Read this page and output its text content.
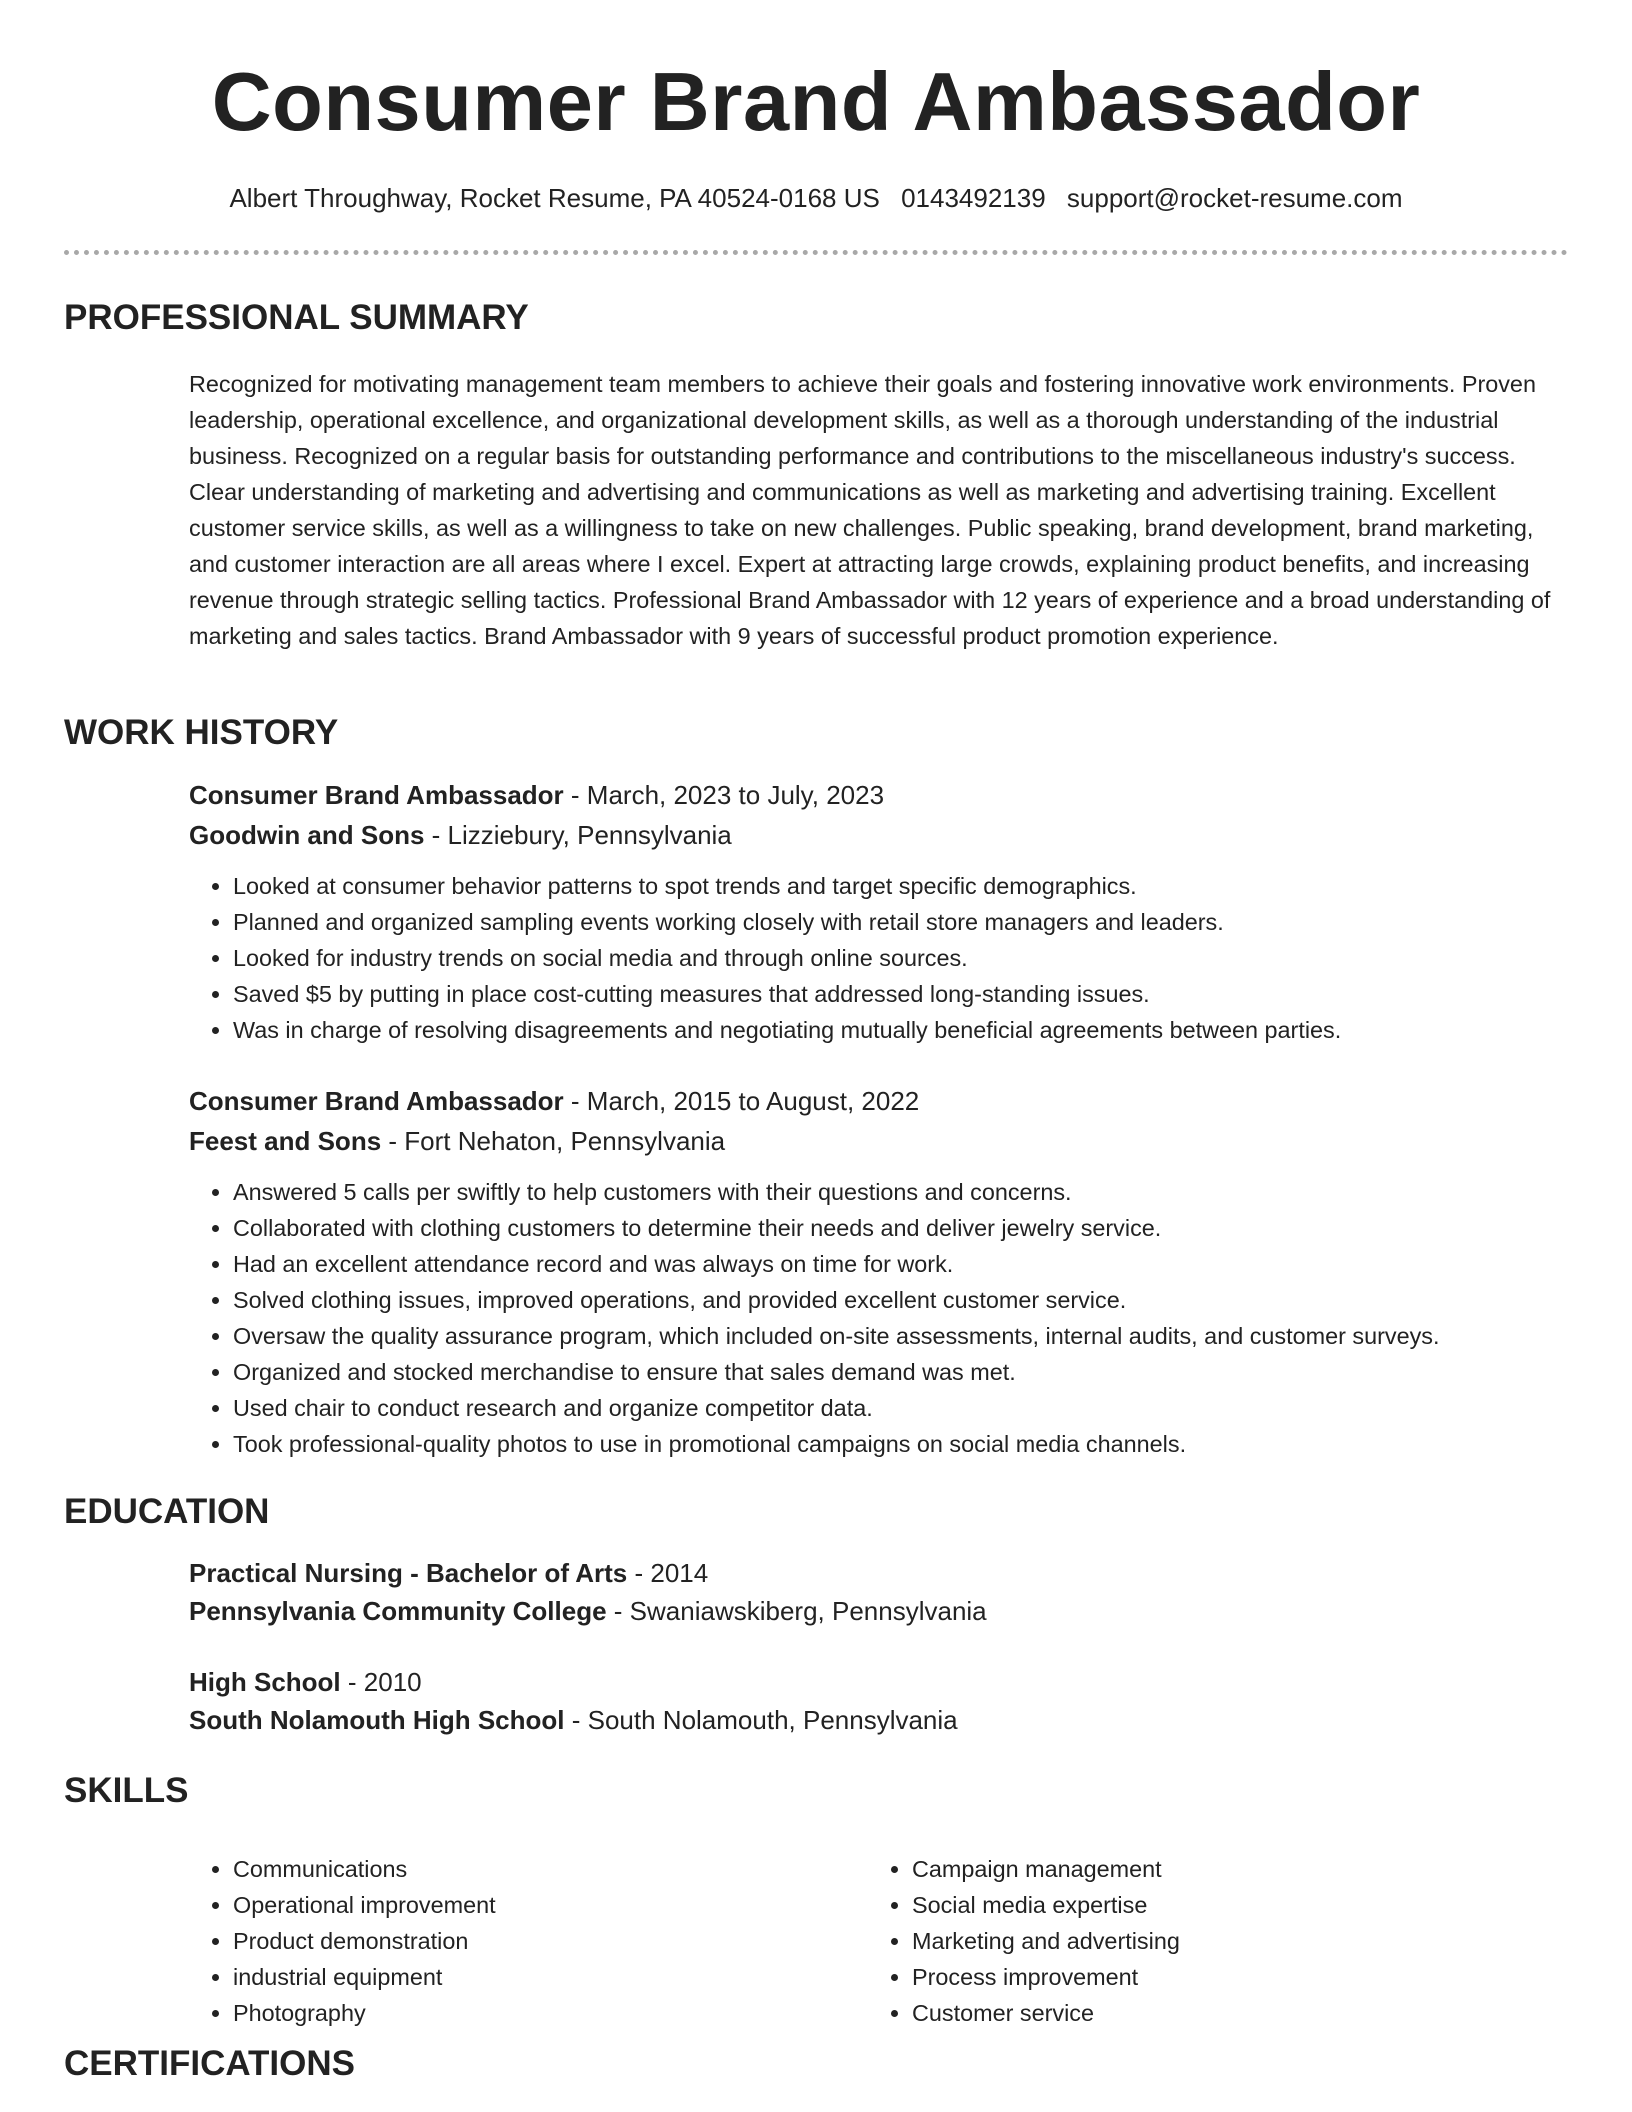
Consumer Brand Ambassador
Albert Throughway, Rocket Resume, PA 40524-0168 US 0143492139 support@rocket-resume.com
PROFESSIONAL SUMMARY

Recognized for motivating management team members to achieve their goals and fostering innovative work environments. Proven leadership, operational excellence, and organizational development skills, as well as a thorough understanding of the industrial business. Recognized on a regular basis for outstanding performance and contributions to the miscellaneous industry's success. Clear understanding of marketing and advertising and communications as well as marketing and advertising training. Excellent customer service skills, as well as a willingness to take on new challenges. Public speaking, brand development, brand marketing, and customer interaction are all areas where I excel. Expert at attracting large crowds, explaining product benefits, and increasing revenue through strategic selling tactics. Professional Brand Ambassador with 12 years of experience and a broad understanding of marketing and sales tactics. Brand Ambassador with 9 years of successful product promotion experience.

WORK HISTORY
Consumer Brand Ambassador - March, 2023 to July, 2023
Goodwin and Sons - Lizziebury, Pennsylvania
• Looked at consumer behavior patterns to spot trends and target specific demographics.
• Planned and organized sampling events working closely with retail store managers and leaders.
• Looked for industry trends on social media and through online sources.
• Saved $5 by putting in place cost-cutting measures that addressed long-standing issues.
• Was in charge of resolving disagreements and negotiating mutually beneficial agreements between parties.
Consumer Brand Ambassador - March, 2015 to August, 2022
Feest and Sons - Fort Nehaton, Pennsylvania
• Answered 5 calls per swiftly to help customers with their questions and concerns.
• Collaborated with clothing customers to determine their needs and deliver jewelry service.
• Had an excellent attendance record and was always on time for work.
• Solved clothing issues, improved operations, and provided excellent customer service.
• Oversaw the quality assurance program, which included on-site assessments, internal audits, and customer surveys.
• Organized and stocked merchandise to ensure that sales demand was met.
• Used chair to conduct research and organize competitor data.
• Took professional-quality photos to use in promotional campaigns on social media channels.
EDUCATION
Practical Nursing - Bachelor of Arts - 2014
Pennsylvania Community College - Swaniawskiberg, Pennsylvania
High School - 2010
South Nolamouth High School - South Nolamouth, Pennsylvania
SKILLS
• Communications
• Operational improvement
• Product demonstration
• industrial equipment
• Photography
• Campaign management
• Social media expertise
• Marketing and advertising
• Process improvement
• Customer service
CERTIFICATIONS
